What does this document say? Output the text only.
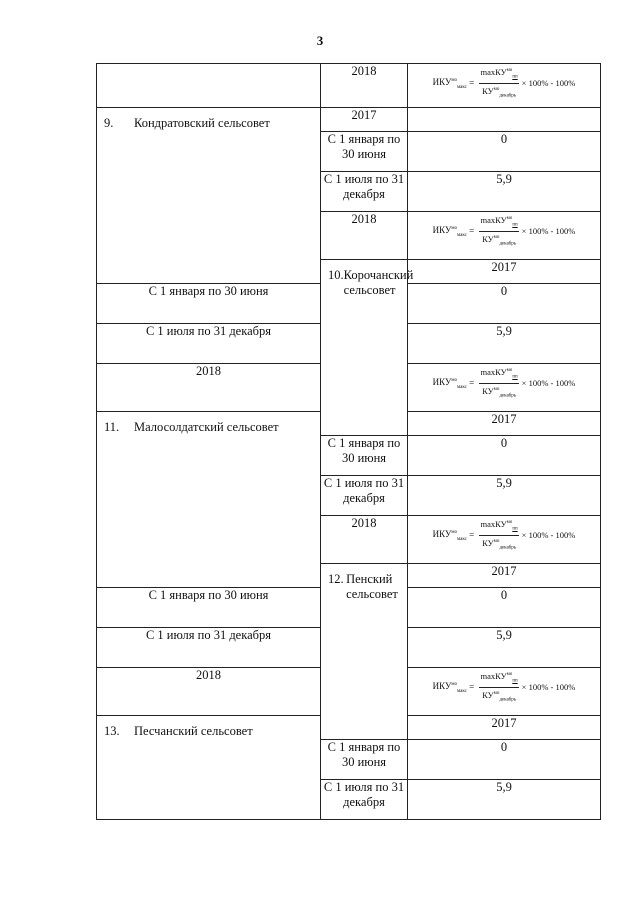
3
	2018	$ИКУ^{мо}_{макс} = \frac{\max КУ^{мо}_{пп}}{КУ^{мо}_{декабрь}} \times 100\% - 100\%$	

9. Кондратовский сельсовет	2017		
	С 1 января по 30 июня	0	
	С 1 июля по 31 декабря	5,9	
	2018	$ИКУ^{мо}_{макс} = \frac{\max КУ^{мо}_{пп}}{КУ^{мо}_{декабрь}} \times 100\% - 100\%$	

	10. Корочанский сельсовет	2017	
С 1 января по 30 июня		0	
С 1 июля по 31 декабря		5,9	
2018		$ИКУ^{мо}_{макс} = \frac{\max КУ^{мо}_{пп}}{КУ^{мо}_{декабрь}} \times 100\% - 100\%$	

11. Малосолдатский сельсовет		2017	
	С 1 января по 30 июня	0	
	С 1 июля по 31 декабря	5,9	
	2018	$ИКУ^{мо}_{макс} = \frac{\max КУ^{мо}_{пп}}{КУ^{мо}_{декабрь}} \times 100\% - 100\%$	

	12. Пенский сельсовет	2017	
С 1 января по 30 июня		0	
С 1 июля по 31 декабря		5,9	
2018		$ИКУ^{мо}_{макс} = \frac{\max КУ^{мо}_{пп}}{КУ^{мо}_{декабрь}} \times 100\% - 100\%$	

13. Песчанский сельсовет		2017	
	С 1 января по 30 июня	0	
	С 1 июля по 31 декабря	5,9	
